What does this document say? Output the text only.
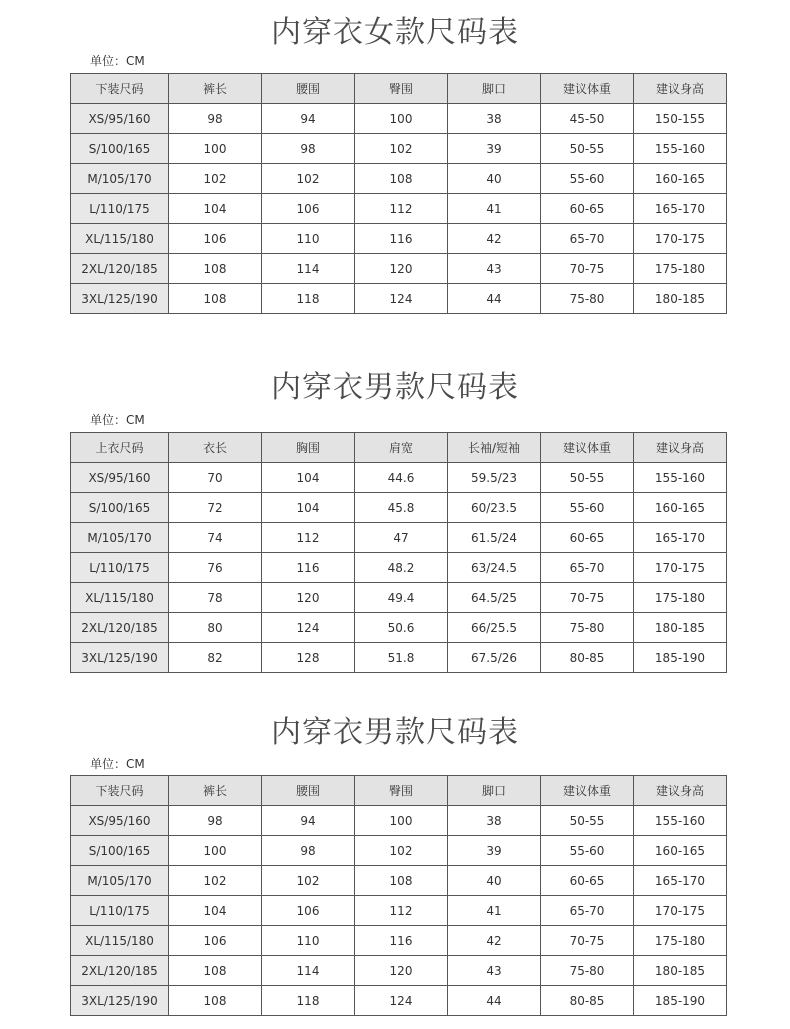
内穿衣女款尺码表
单位：CM
下装尺码	裤长	腰围	臀围	脚口	建议体重	建议身高
XS/95/160	98	94	100	38	45-50	150-155
S/100/165	100	98	102	39	50-55	155-160
M/105/170	102	102	108	40	55-60	160-165
L/110/175	104	106	112	41	60-65	165-170
XL/115/180	106	110	116	42	65-70	170-175
2XL/120/185	108	114	120	43	70-75	175-180
3XL/125/190	108	118	124	44	75-80	180-185
内穿衣男款尺码表
单位：CM
上衣尺码	衣长	胸围	肩宽	长袖/短袖	建议体重	建议身高
XS/95/160	70	104	44.6	59.5/23	50-55	155-160
S/100/165	72	104	45.8	60/23.5	55-60	160-165
M/105/170	74	112	47	61.5/24	60-65	165-170
L/110/175	76	116	48.2	63/24.5	65-70	170-175
XL/115/180	78	120	49.4	64.5/25	70-75	175-180
2XL/120/185	80	124	50.6	66/25.5	75-80	180-185
3XL/125/190	82	128	51.8	67.5/26	80-85	185-190
内穿衣男款尺码表
单位：CM
下装尺码	裤长	腰围	臀围	脚口	建议体重	建议身高
XS/95/160	98	94	100	38	50-55	155-160
S/100/165	100	98	102	39	55-60	160-165
M/105/170	102	102	108	40	60-65	165-170
L/110/175	104	106	112	41	65-70	170-175
XL/115/180	106	110	116	42	70-75	175-180
2XL/120/185	108	114	120	43	75-80	180-185
3XL/125/190	108	118	124	44	80-85	185-190
